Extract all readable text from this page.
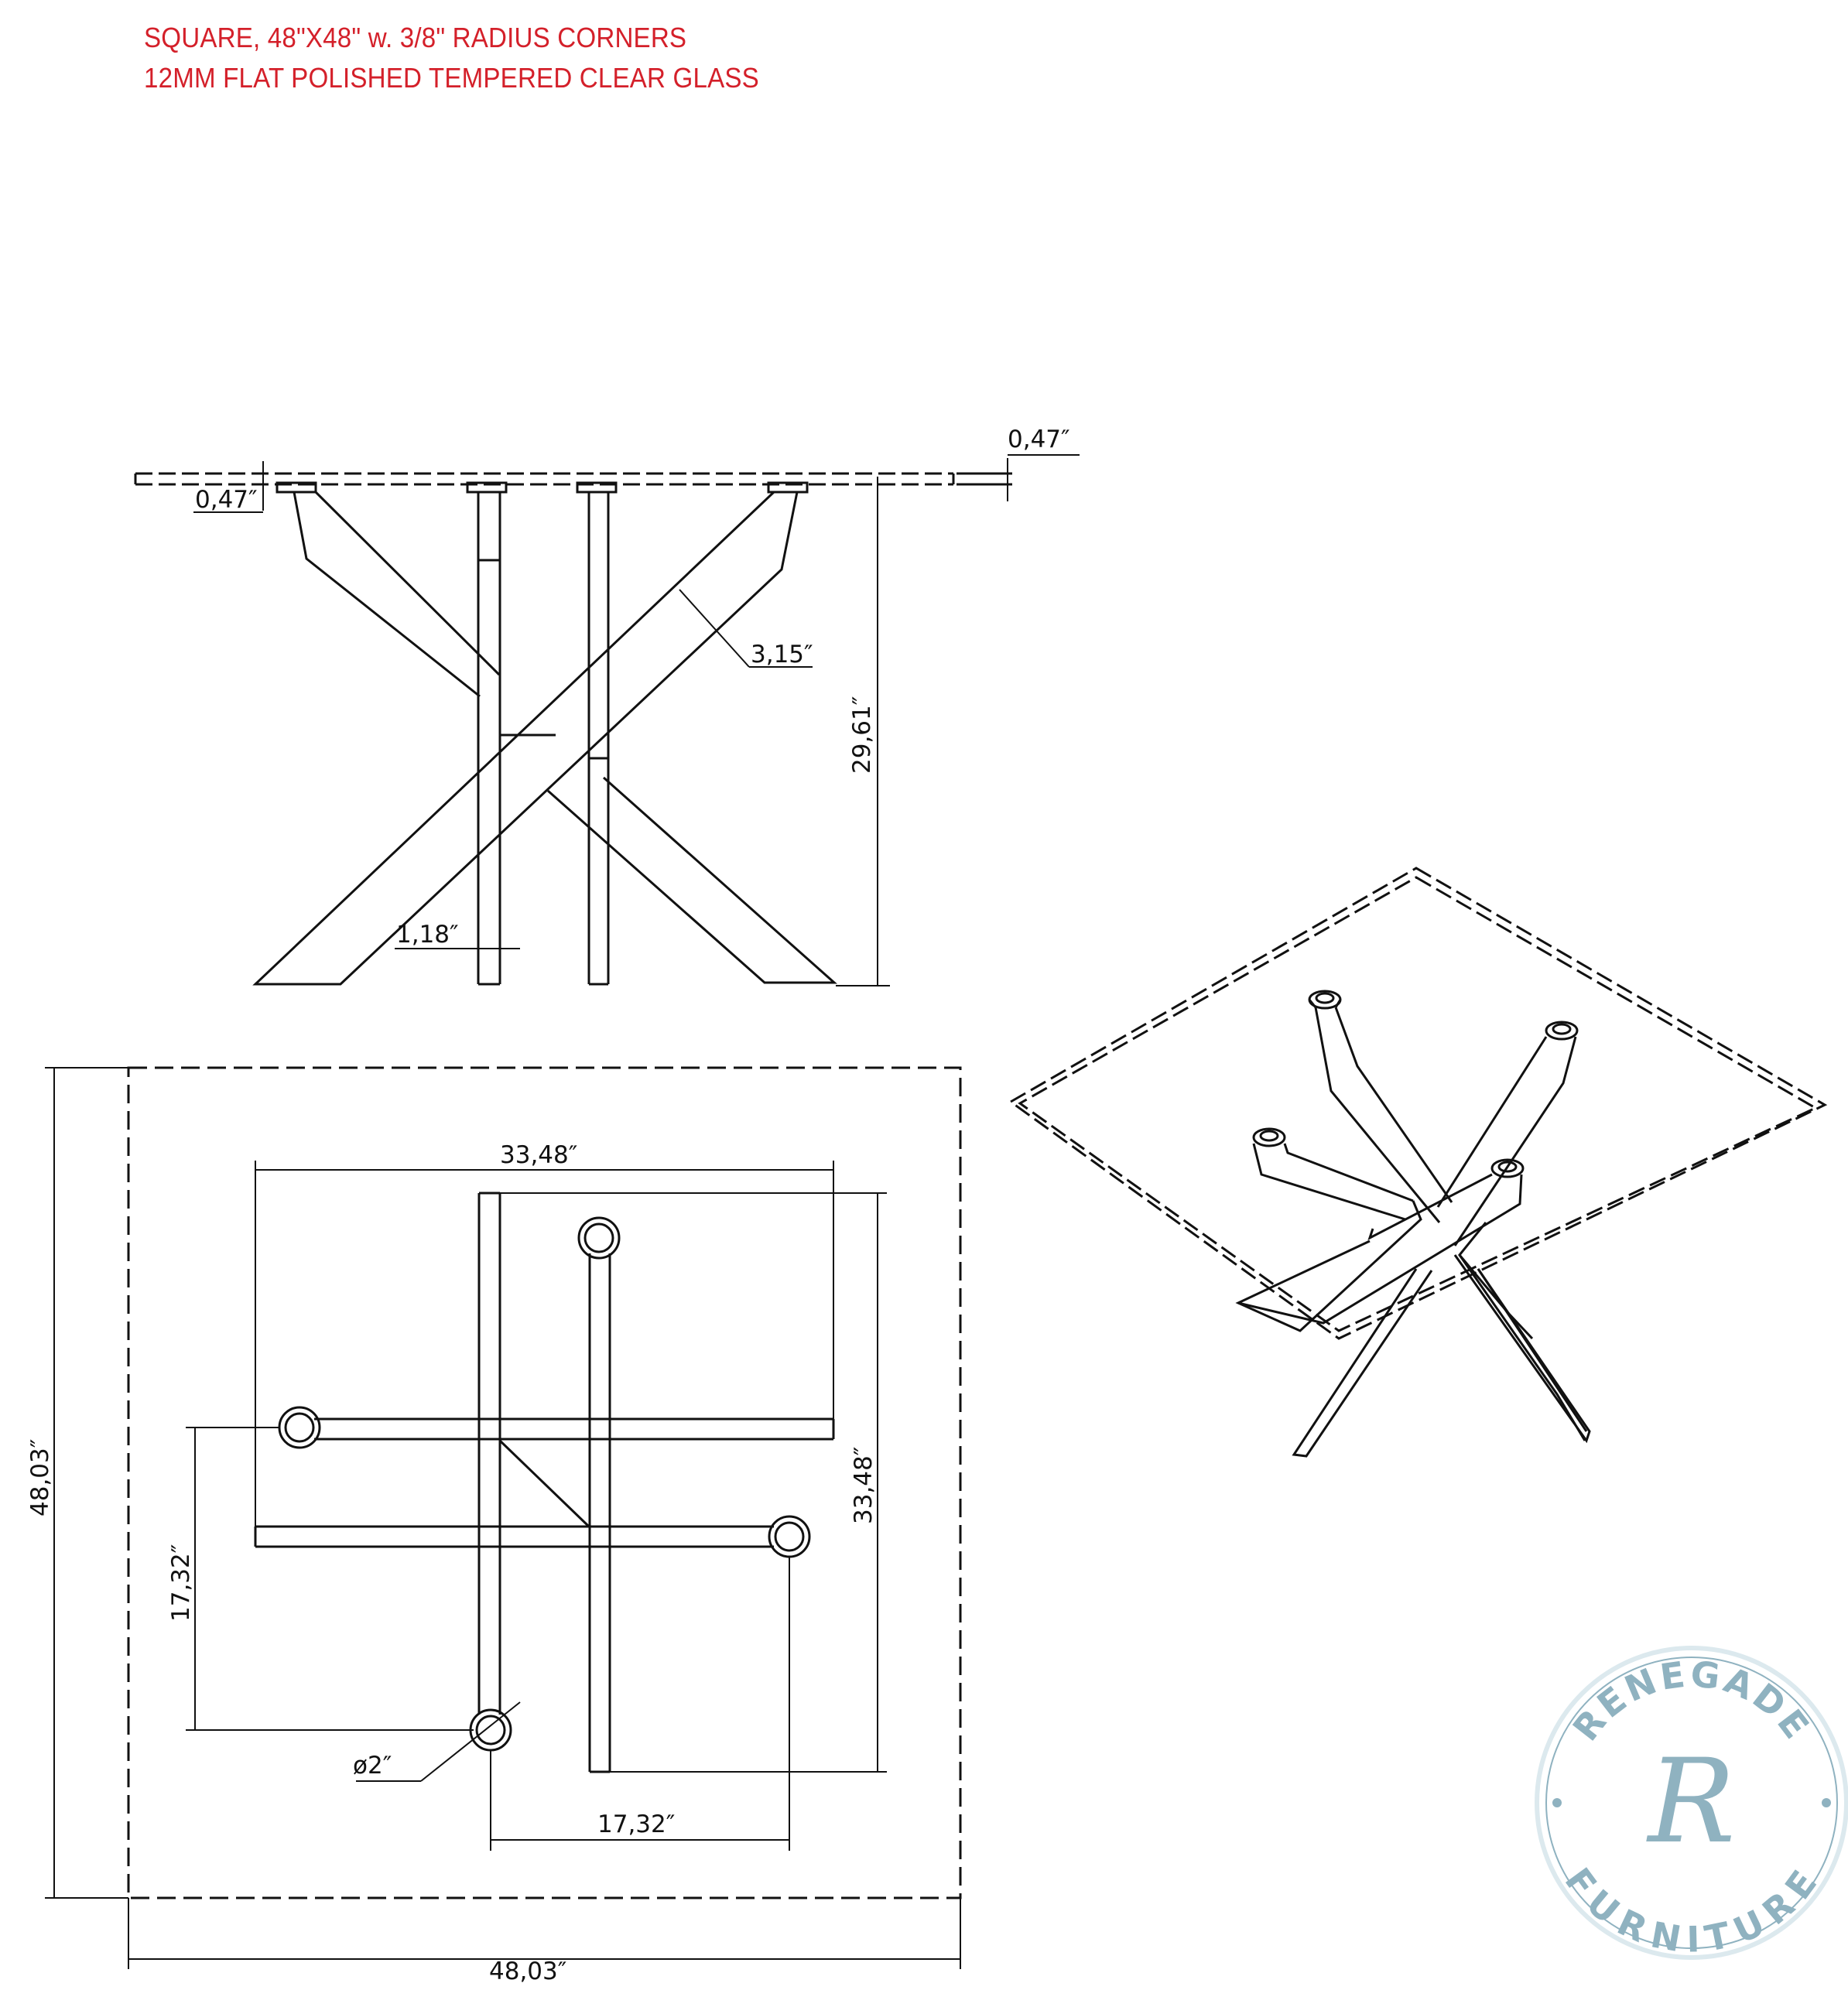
SQUARE, 48"X48" w. 3/8" RADIUS CORNERS
12MM FLAT POLISHED TEMPERED CLEAR GLASS
0,47″
0,47″
3,15″
29,61″
1,18″
48,03″
48,03″
33,48″
33,48″
17,32″
17,32″
ø2″
RENEGADE
FURNITURE
R
